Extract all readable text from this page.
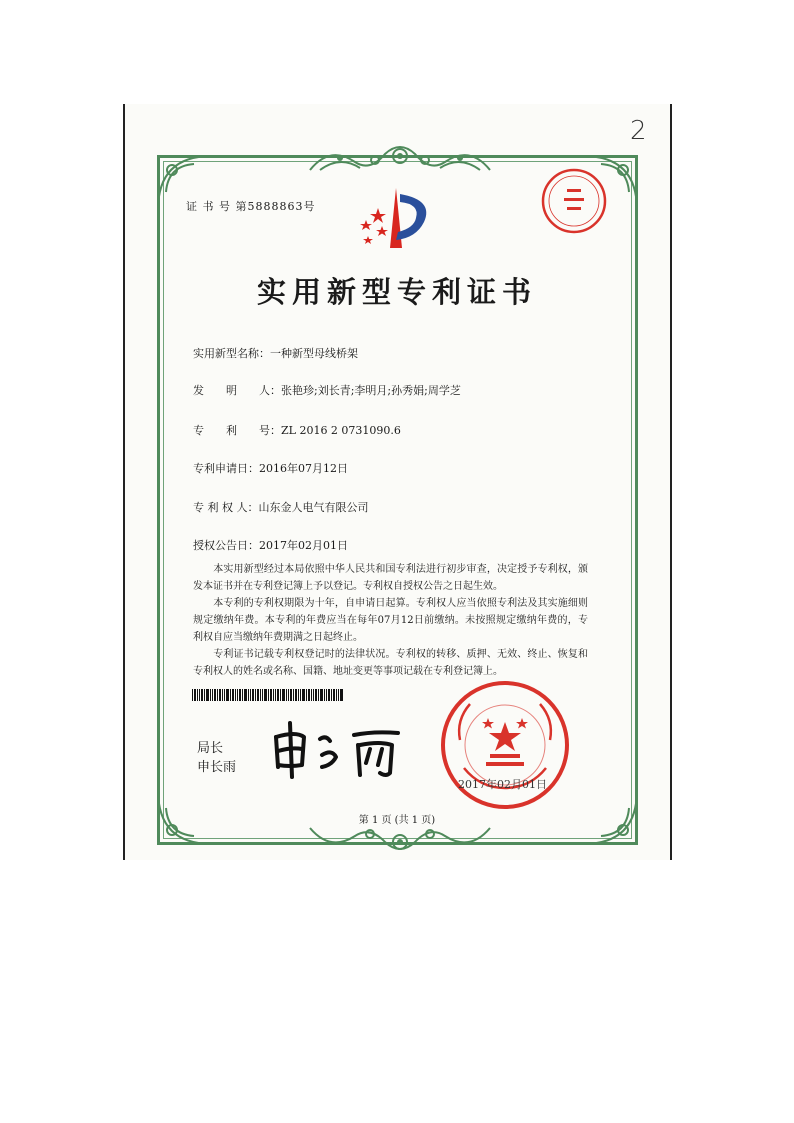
2
证 书 号 第5888863号
实用新型专利证书
实用新型名称：一种新型母线桥架
发　　明　　人：张艳珍;刘长青;李明月;孙秀娟;周学芝
专　　利　　号：ZL 2016 2 0731090.6
专利申请日：2016年07月12日
专 利 权 人：山东金人电气有限公司
授权公告日：2017年02月01日
　　本实用新型经过本局依照中华人民共和国专利法进行初步审查，决定授予专利权，颁发本证书并在专利登记簿上予以登记。专利权自授权公告之日起生效。
　　本专利的专利权期限为十年，自申请日起算。专利权人应当依照专利法及其实施细则规定缴纳年费。本专利的年费应当在每年07月12日前缴纳。未按照规定缴纳年费的，专利权自应当缴纳年费期满之日起终止。
　　专利证书记载专利权登记时的法律状况。专利权的转移、质押、无效、终止、恢复和专利权人的姓名或名称、国籍、地址变更等事项记载在专利登记簿上。
局长
申长雨
2017年02月01日
第 1 页 (共 1 页)
